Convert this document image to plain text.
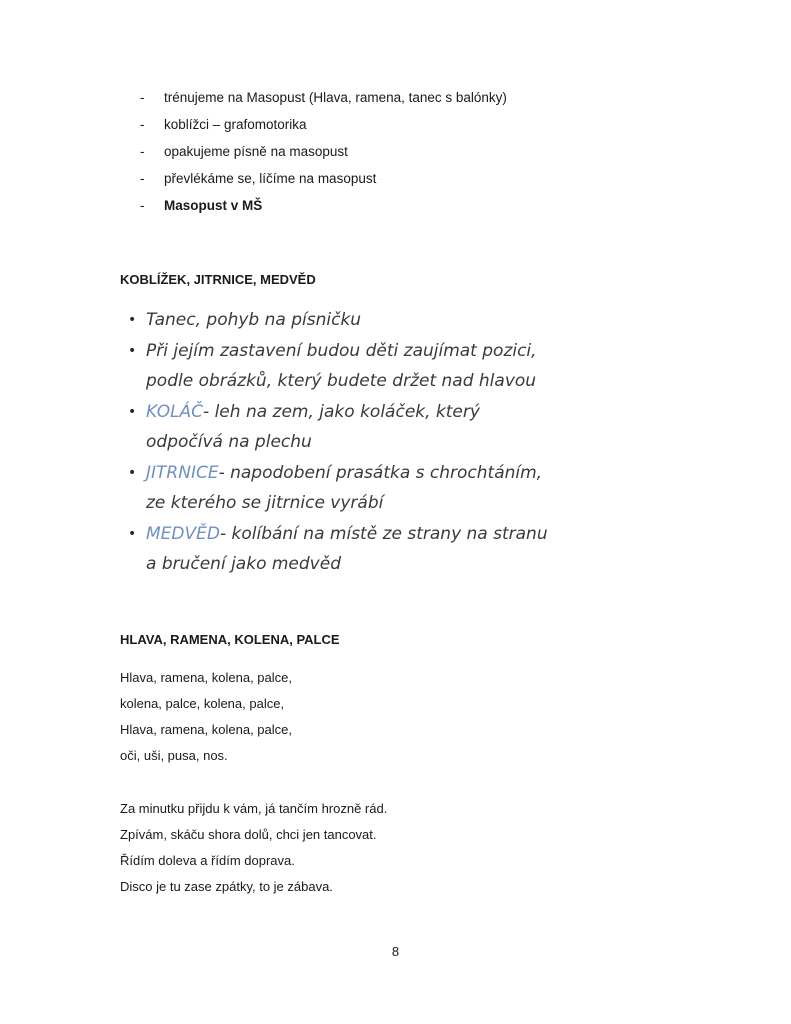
- trénujeme na Masopust (Hlava, ramena, tanec s balónky)
- koblížci – grafomotorika
- opakujeme písně na masopust
- převlékáme se, líčíme na masopust
- Masopust v MŠ
KOBLÍŽEK, JITRNICE, MEDVĚD
• Tanec, pohyb na písničku
• Při jejím zastavení budou děti zaujímat pozici, podle obrázků, který budete držet nad hlavou
• KOLÁČ- leh na zem, jako koláček, který odpočívá na plechu
• JITRNICE- napodobení prasátka s chrochtáním, ze kterého se jitrnice vyrábí
• MEDVĚD- kolíbání na místě ze strany na stranu a bručení jako medvěd
HLAVA, RAMENA, KOLENA, PALCE
Hlava, ramena, kolena, palce,
kolena, palce, kolena, palce,
Hlava, ramena, kolena, palce,
oči, uši, pusa, nos.
Za minutku přijdu k vám, já tančím hrozně rád.
Zpívám, skáču shora dolů, chci jen tancovat.
Řídím doleva a řídím doprava.
Disco je tu zase zpátky, to je zábava.
8
